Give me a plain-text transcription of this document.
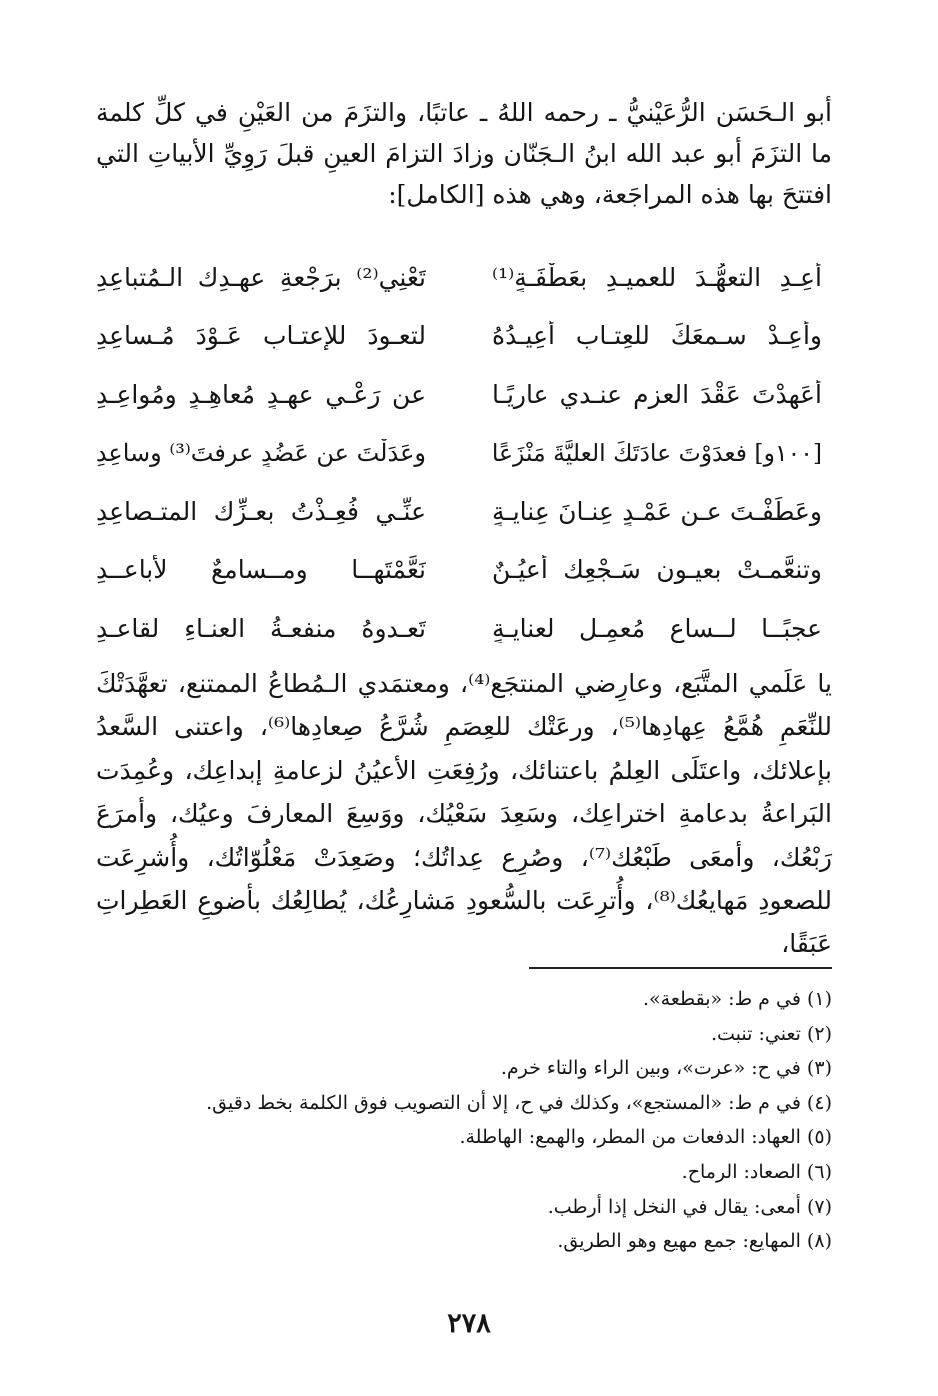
أبو الـحَسَن الرُّعَيْنيُّ ـ رحمه اللهُ ـ عاتبًا، والتزَمَ من العَيْنِ في كلِّ كلمة ما التزَمَ أبو عبد الله ابنُ الـجَنّان وزادَ التزامَ العينِ قبلَ رَوِيِّ الأبياتِ التي افتتحَ بها هذه المراجَعة، وهي هذه [الكامل]:

أعِـدِ التعهُّـدَ للعميـدِ بعَطْفَـةٍ⁽¹⁾
تَعْنِي⁽²⁾ برَجْعةِ عهـدِك الـمُتباعِدِ
وأعِـدْ سـمعَكَ للعِتـابِ أُعِيـدُهُ
لتعـودَ للإعتـابِ عَـوْدَ مُـساعِدِ
أعَهِدْتَ عَقْدَ العزمِ عنـدي عاريًـا
عن رَعْـي عهـدٍ مُعاهِـدٍ ومُواعِـدِ
[١٠٠و] فعدَوْتَ عادَتَكَ العليَّةَ مَنْزَعًا
وعَدَلْتَ عن عَضُدٍ عرفتَ⁽³⁾ وساعِدِ
وعَطَفْـتَ عـن عَمْـدٍ عِنـانَ عِنايـةٍ
عنِّـي فُعِـذْتُ بعـزِّك المتـصاعِدِ
وتنعَّمـتْ بعيـونِ سَـجْعِك أعيُـنٌ
نَعَّمْتَهــا ومــسامعٌ لأباعــدِ
عجبًــا لــساعٍ مُعمِـلٍ لعنايـةٍ
تَعـدوهُ منفعـةُ العنـاءِ لقاعـدِ

يا عَلَمي المتَّبَع، وعارِضي المنتجَع⁽⁴⁾، ومعتمَدي الـمُطاعُ الممتنع، تعهَّدَتْكَ للنِّعَمِ هُمَّعُ عِهادِها⁽⁵⁾، ورعَتْك للعِصَمِ شُرَّعُ صِعادِها⁽⁶⁾، واعتنى السَّعدُ بإعلائك، واعتَلَى العِلمُ باعتنائك، ورُفِعَتِ الأعيُنُ لزعامةِ إبداعِك، وعُمِدَت البَراعةُ بدعامةِ اختراعِك، وسَعِدَ سَعْيُك، ووَسِعَ المعارفَ وعيُك، وأمرَعَ رَبْعُك، وأمعَى طَبْعُك⁽⁷⁾، وصُرِع عِداتُك؛ وصَعِدَتْ مَعْلُوّاتُك، وأُشرِعَت للصعودِ مَهايعُك⁽⁸⁾، وأُترِعَت بالسُّعودِ مَشارِعُك، يُطالِعُك بأضوعِ العَطِراتِ عَبَقًا،

(١) في م ط: «بقطعة».
(٢) تعني: تنبت.
(٣) في ح: «عرت»، وبين الراء والتاء خرم.
(٤) في م ط: «المستجع»، وكذلك في ح، إلا أن التصويب فوق الكلمة بخط دقيق.
(٥) العهاد: الدفعات من المطر، والهمع: الهاطلة.
(٦) الصعاد: الرماح.
(٧) أمعى: يقال في النخل إذا أرطب.
(٨) المهايع: جمع مهيع وهو الطريق.
٢٧٨
